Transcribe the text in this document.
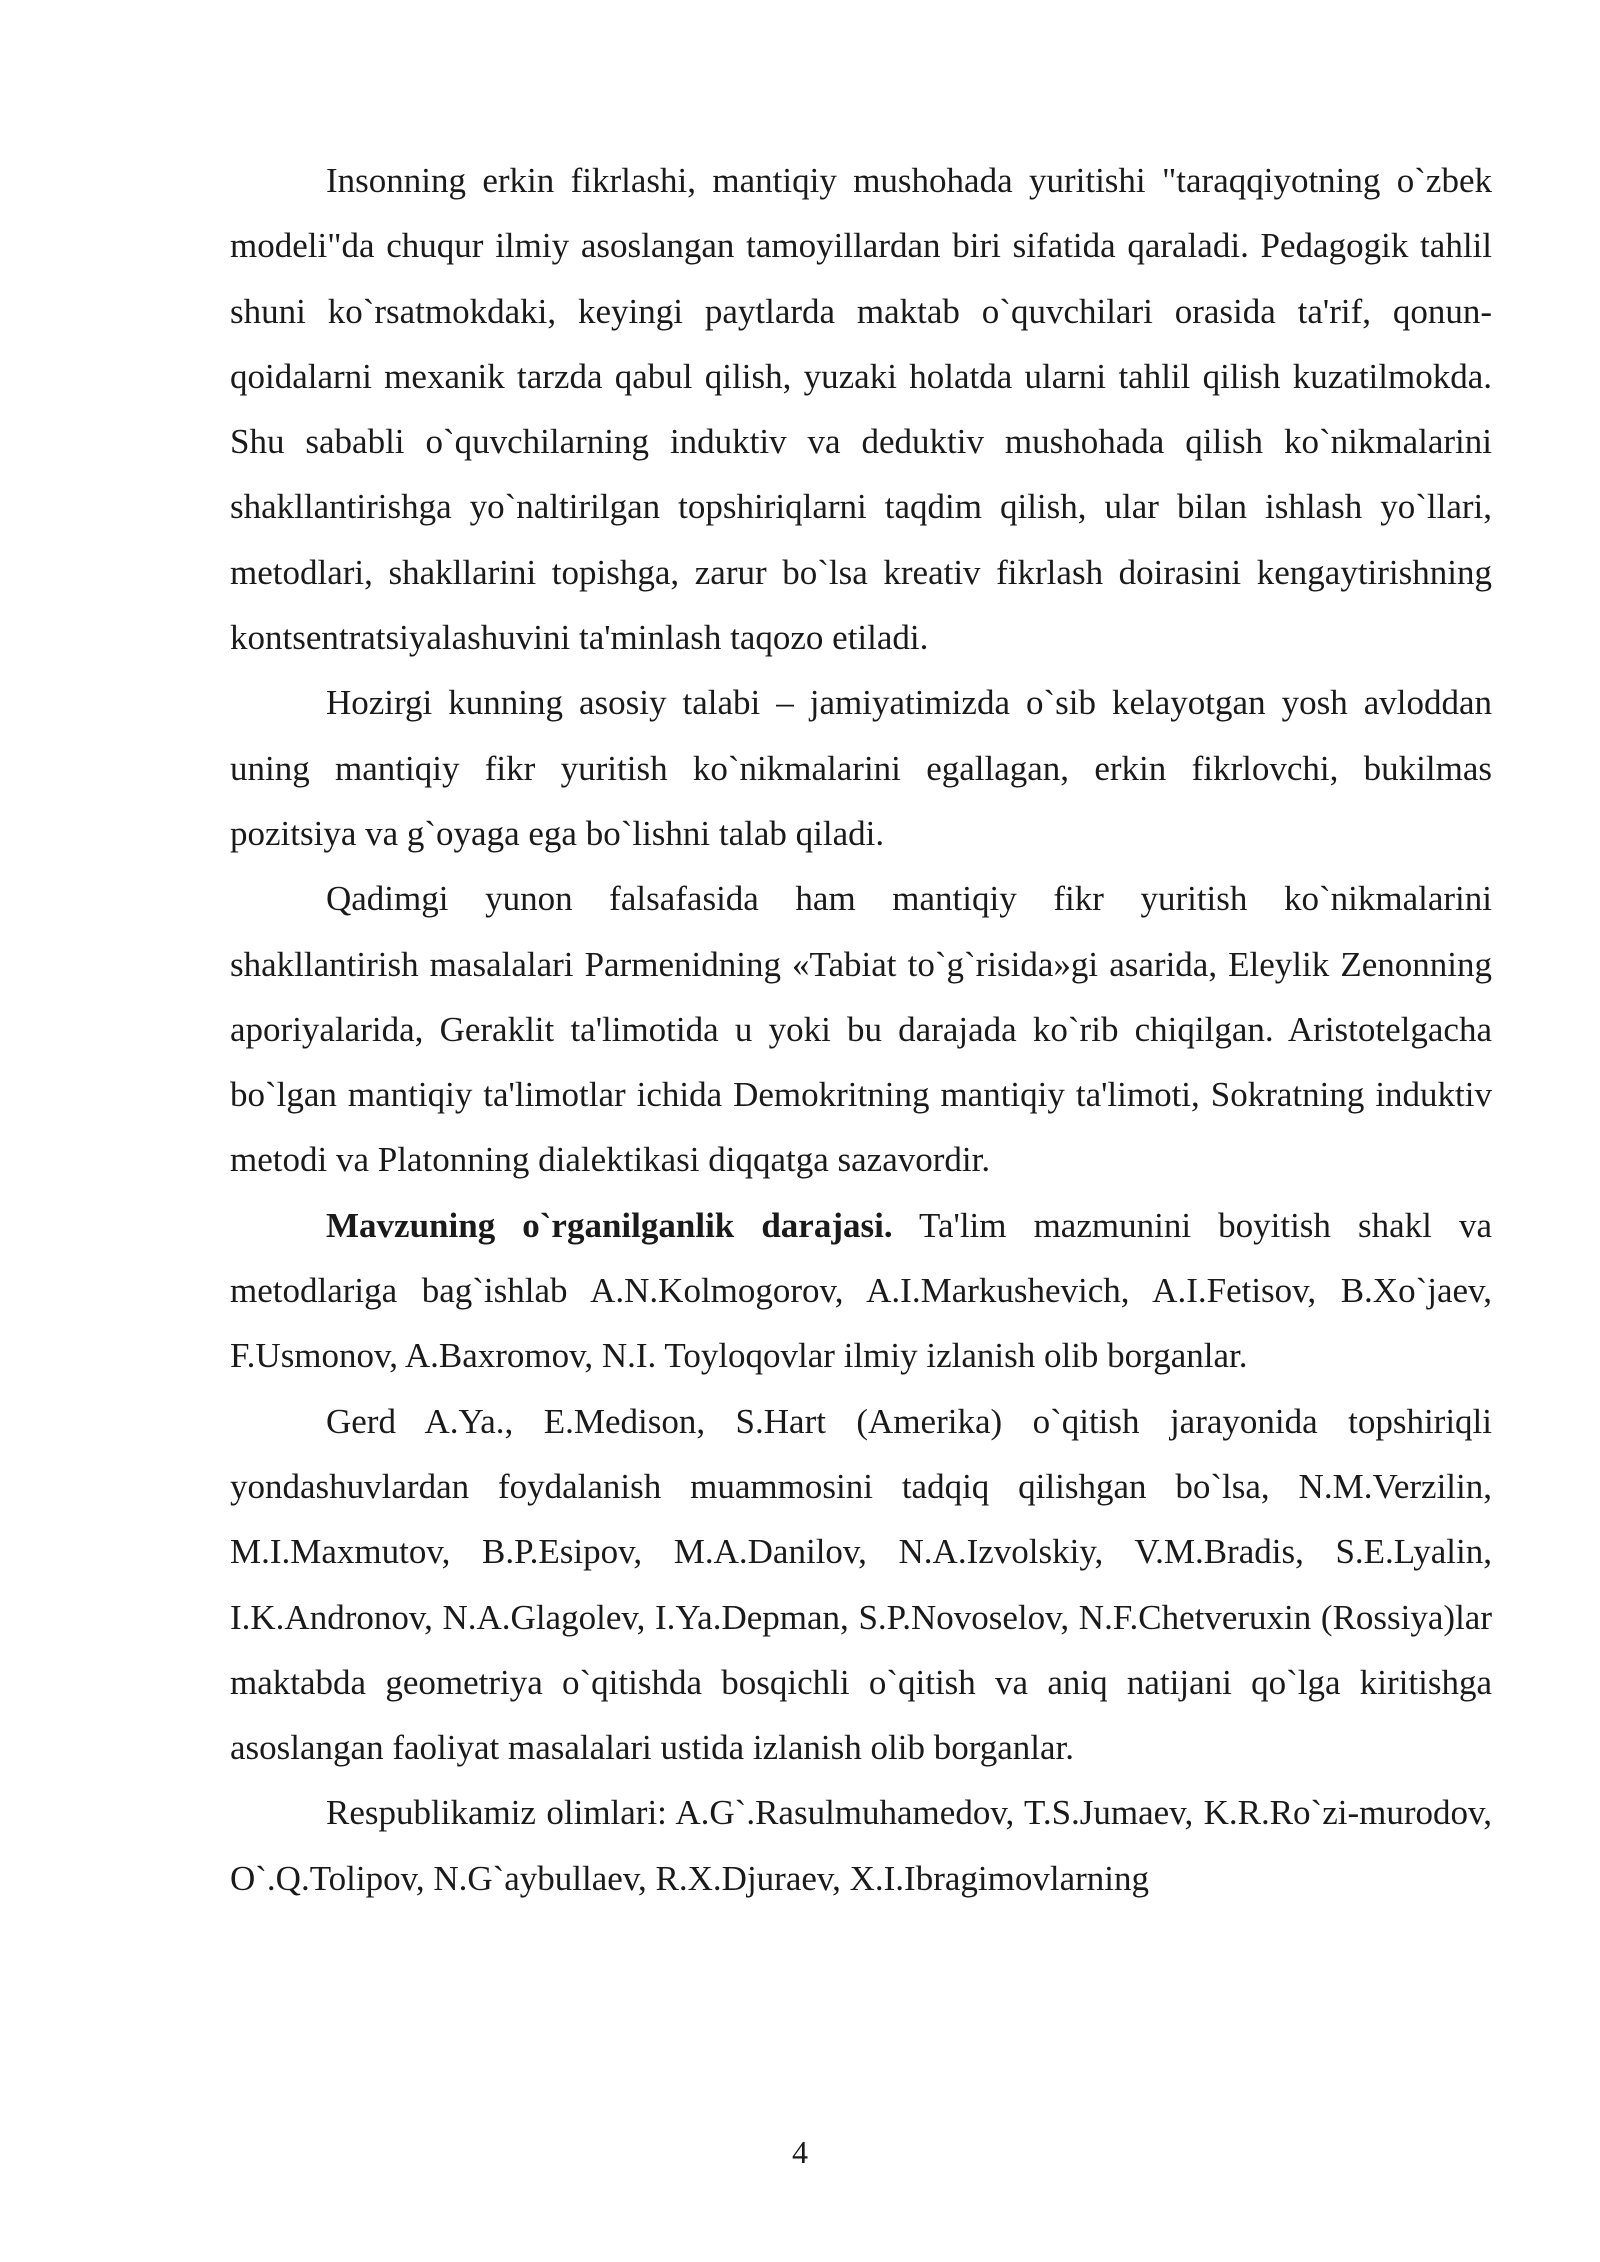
Insonning erkin fikrlashi, mantiqiy mushohada yuritishi "taraqqiyotning o`zbek modeli"da chuqur ilmiy asoslangan tamoyillardan biri sifatida qaraladi. Pedagogik tahlil shuni ko`rsatmokdaki, keyingi paytlarda maktab o`quvchilari orasida ta'rif, qonun-qoidalarni mexanik tarzda qabul qilish, yuzaki holatda ularni tahlil qilish kuzatilmokda. Shu sababli o`quvchilarning induktiv va deduktiv mushohada qilish ko`nikmalarini shakllantirishga yo`naltirilgan topshiriqlarni taqdim qilish, ular bilan ishlash yo`llari, metodlari, shakllarini topishga, zarur bo`lsa kreativ fikrlash doirasini kengaytirishning kontsentratsiyalashuvini ta'minlash taqozo etiladi.

Hozirgi kunning asosiy talabi – jamiyatimizda o`sib kelayotgan yosh avloddan uning mantiqiy fikr yuritish ko`nikmalarini egallagan, erkin fikrlovchi, bukilmas pozitsiya va g`oyaga ega bo`lishni talab qiladi.

Qadimgi yunon falsafasida ham mantiqiy fikr yuritish ko`nikmalarini shakllantirish masalalari Parmenidning «Tabiat to`g`risida»gi asarida, Eleylik Zenonning aporiyalarida, Geraklit ta'limotida u yoki bu darajada ko`rib chiqilgan. Aristotelgacha bo`lgan mantiqiy ta'limotlar ichida Demokritning mantiqiy ta'limoti, Sokratning induktiv metodi va Platonning dialektikasi diqqatga sazavordir.

Mavzuning o`rganilganlik darajasi. Ta'lim mazmunini boyitish shakl va metodlariga bag`ishlab A.N.Kolmogorov, A.I.Markushevich, A.I.Fetisov, B.Xo`jaev, F.Usmonov, A.Baxromov, N.I. Toyloqovlar ilmiy izlanish olib borganlar.

Gerd A.Ya., E.Medison, S.Hart (Amerika) o`qitish jarayonida topshiriqli yondashuvlardan foydalanish muammosini tadqiq qilishgan bo`lsa, N.M.Verzilin, M.I.Maxmutov, B.P.Esipov, M.A.Danilov, N.A.Izvolskiy, V.M.Bradis, S.E.Lyalin, I.K.Andronov, N.A.Glagolev, I.Ya.Depman, S.P.Novoselov, N.F.Chetveruxin (Rossiya)lar maktabda geometriya o`qitishda bosqichli o`qitish va aniq natijani qo`lga kiritishga asoslangan faoliyat masalalari ustida izlanish olib borganlar.

Respublikamiz olimlari: A.G`.Rasulmuhamedov, T.S.Jumaev, K.R.Ro`zi-murodov, O`.Q.Tolipov, N.G`aybullaev, R.X.Djuraev, X.I.Ibragimovlarning

4
